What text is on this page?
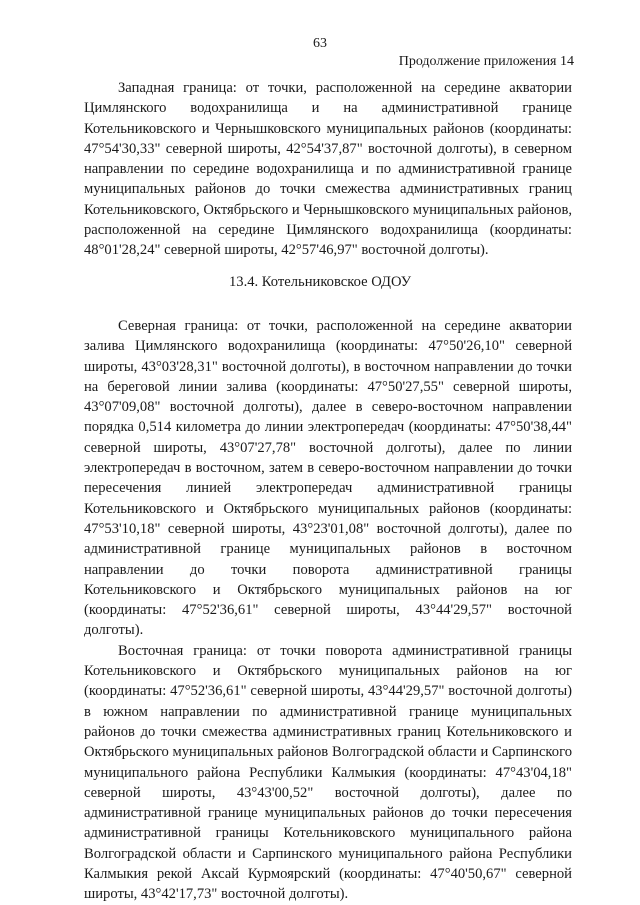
63
Продолжение приложения 14

Западная граница: от точки, расположенной на середине акватории Цимлянского водохранилища и на административной границе Котельниковского и Чернышковского муниципальных районов (координаты: 47°54'30,33" северной широты, 42°54'37,87" восточной долготы), в северном направлении по середине водохранилища и по административной границе муниципальных районов до точки смежества административных границ Котельниковского, Октябрьского и Чернышковского муниципальных районов, расположенной на середине Цимлянского водохранилища (координаты: 48°01'28,24" северной широты, 42°57'46,97" восточной долготы).

13.4. Котельниковское ОДОУ

Северная граница: от точки, расположенной на середине акватории залива Цимлянского водохранилища (координаты: 47°50'26,10" северной широты, 43°03'28,31" восточной долготы), в восточном направлении до точки на береговой линии залива (координаты: 47°50'27,55" северной широты, 43°07'09,08" восточной долготы), далее в северо-восточном направлении порядка 0,514 километра до линии электропередач (координаты: 47°50'38,44" северной широты, 43°07'27,78" восточной долготы), далее по линии электропередач в восточном, затем в северо-восточном направлении до точки пересечения линией электропередач административной границы Котельниковского и Октябрьского муниципальных районов (координаты: 47°53'10,18" северной широты, 43°23'01,08" восточной долготы), далее по административной границе муниципальных районов в восточном направлении до точки поворота административной границы Котельниковского и Октябрьского муниципальных районов на юг (координаты: 47°52'36,61" северной широты, 43°44'29,57" восточной долготы).

Восточная граница: от точки поворота административной границы Котельниковского и Октябрьского муниципальных районов на юг (координаты: 47°52'36,61" северной широты, 43°44'29,57" восточной долготы) в южном направлении по административной границе муниципальных районов до точки смежества административных границ Котельниковского и Октябрьского муниципальных районов Волгоградской области и Сарпинского муниципального района Республики Калмыкия (координаты: 47°43'04,18" северной широты, 43°43'00,52" восточной долготы), далее по административной границе муниципальных районов до точки пересечения административной границы Котельниковского муниципального района Волгоградской области и Сарпинского муниципального района Республики Калмыкия рекой Аксай Курмоярский (координаты: 47°40'50,67" северной широты, 43°42'17,73" восточной долготы).
